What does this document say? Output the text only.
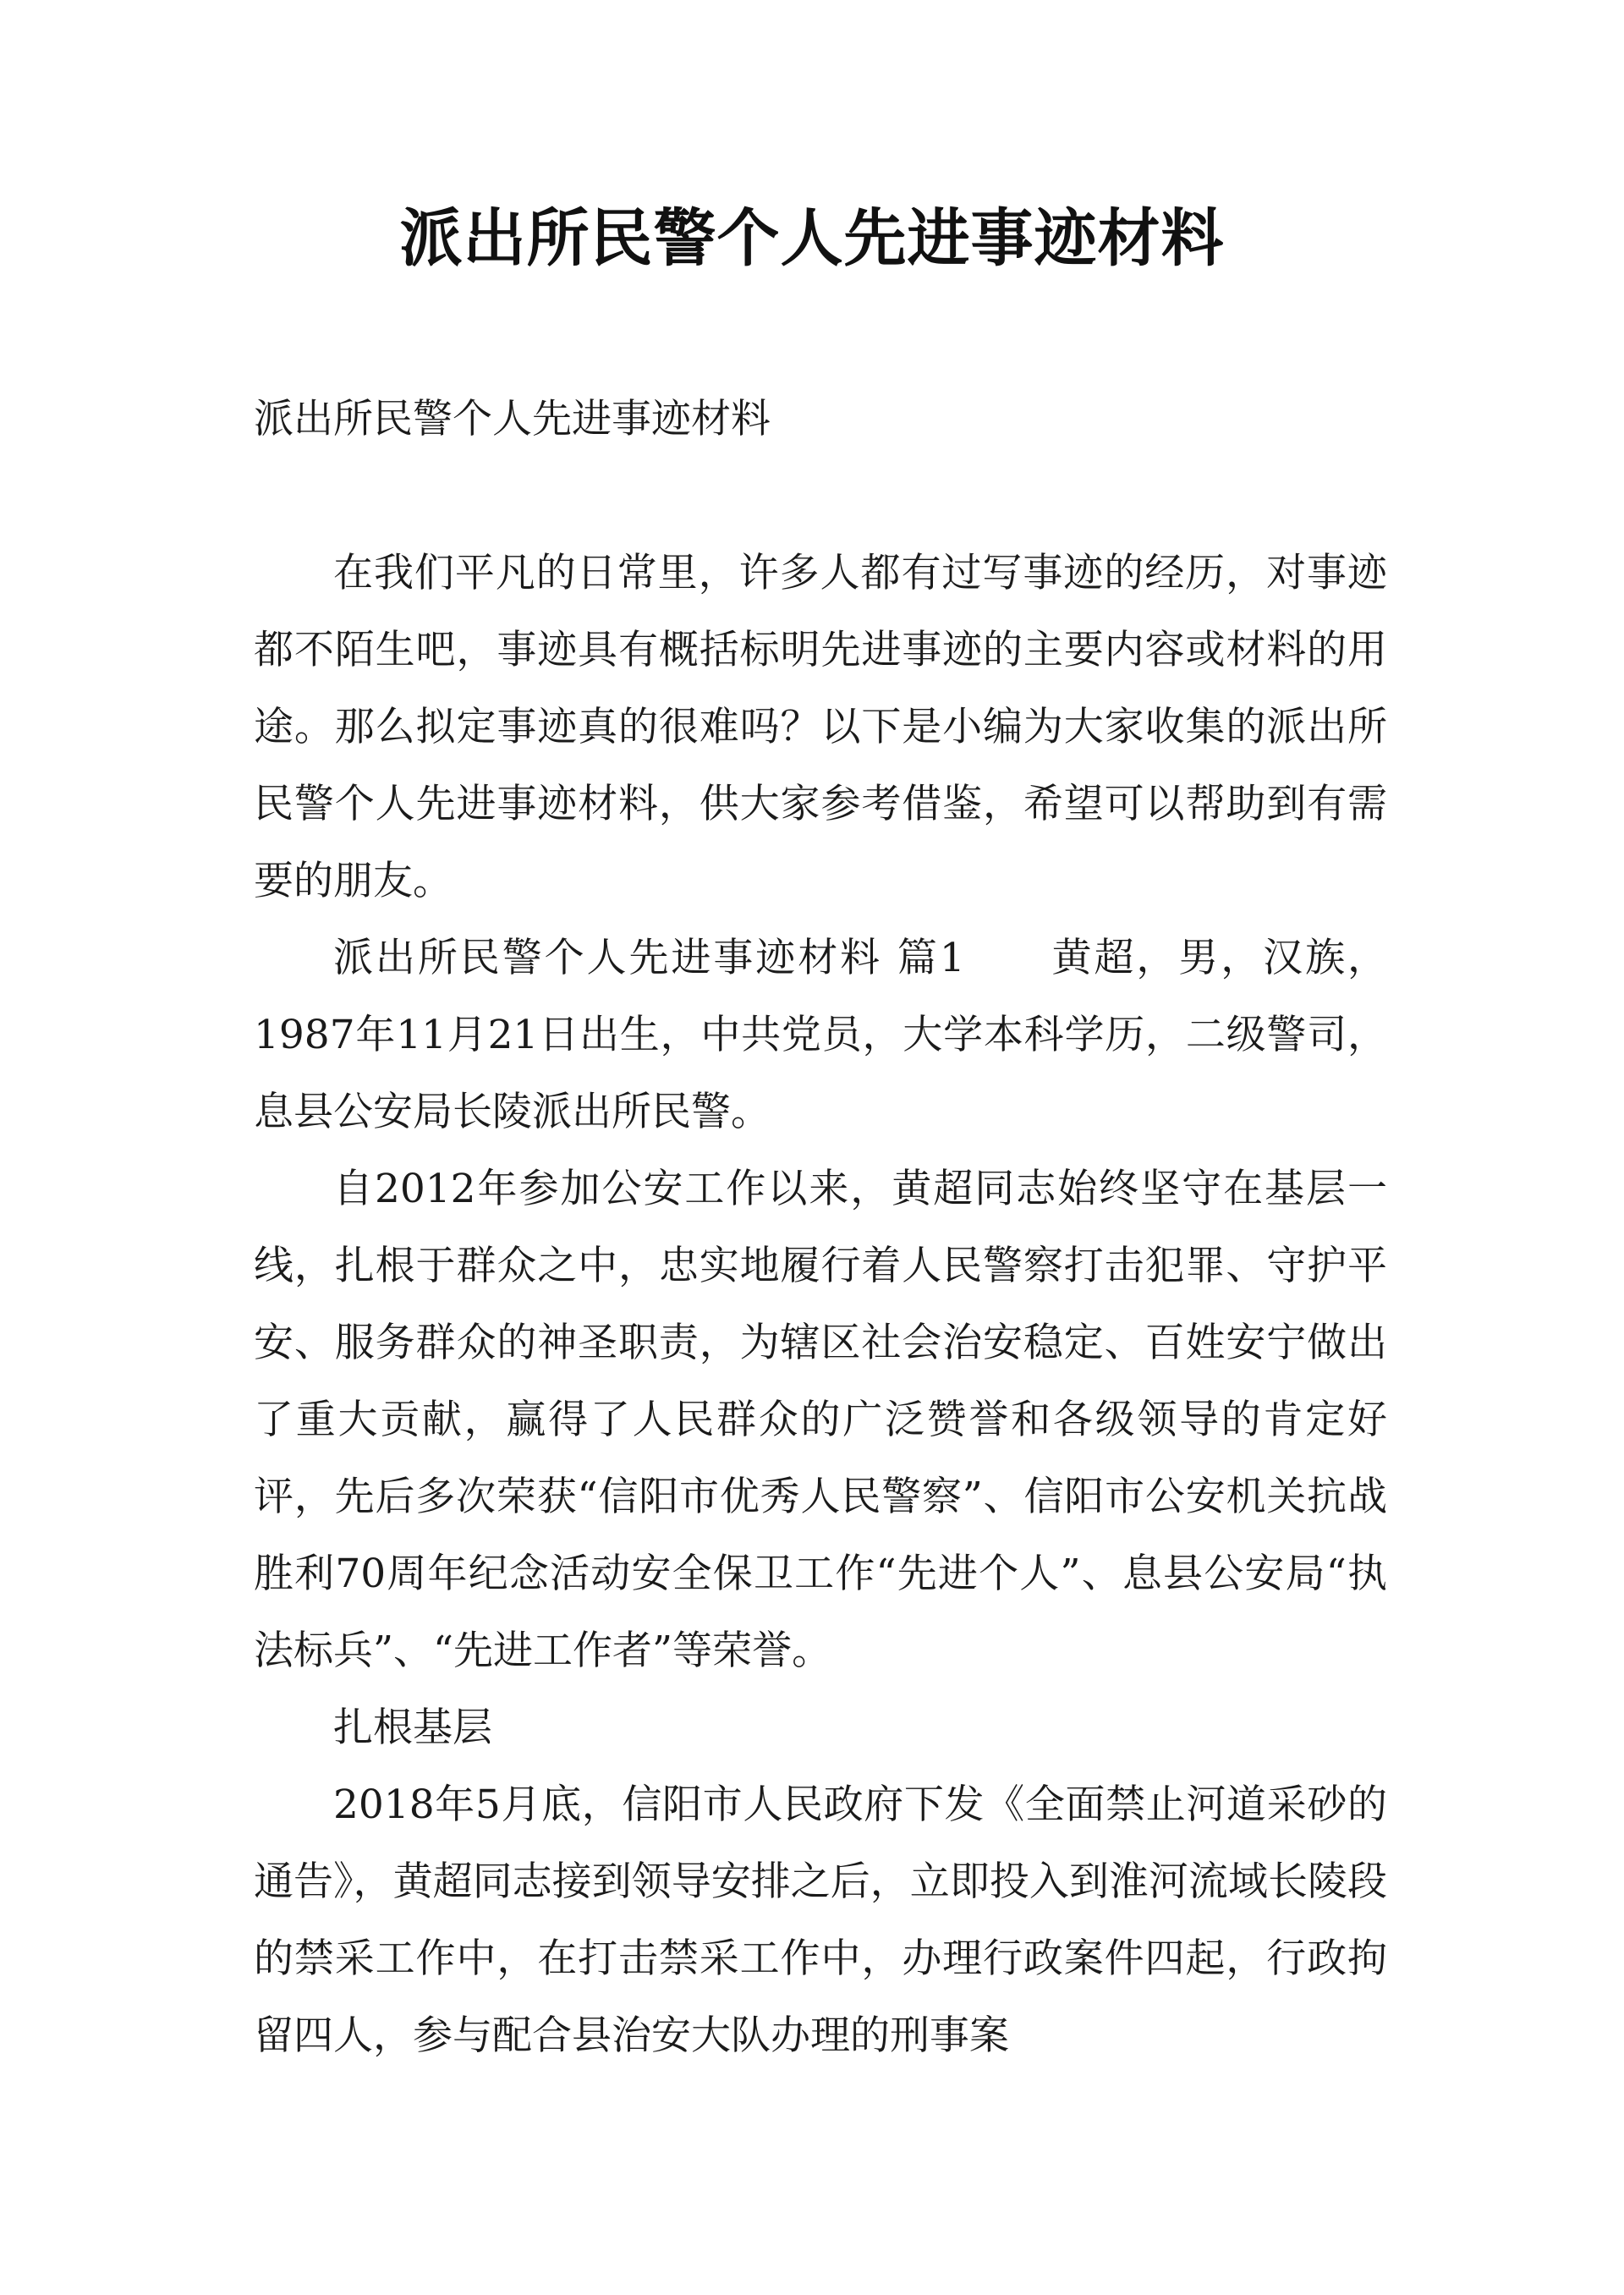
派出所民警个人先进事迹材料
派出所民警个人先进事迹材料

在我们平凡的日常里，许多人都有过写事迹的经历，对事迹都不陌生吧，事迹具有概括标明先进事迹的主要内容或材料的用途。那么拟定事迹真的很难吗？以下是小编为大家收集的派出所民警个人先进事迹材料，供大家参考借鉴，希望可以帮助到有需要的朋友。

派出所民警个人先进事迹材料 篇1　　黄超，男，汉族，1987年11月21日出生，中共党员，大学本科学历，二级警司，息县公安局长陵派出所民警。

自2012年参加公安工作以来，黄超同志始终坚守在基层一线，扎根于群众之中，忠实地履行着人民警察打击犯罪、守护平安、服务群众的神圣职责，为辖区社会治安稳定、百姓安宁做出了重大贡献，赢得了人民群众的广泛赞誉和各级领导的肯定好评，先后多次荣获“信阳市优秀人民警察”、信阳市公安机关抗战胜利70周年纪念活动安全保卫工作“先进个人”、息县公安局“执法标兵”、“先进工作者”等荣誉。

扎根基层

2018年5月底，信阳市人民政府下发《全面禁止河道采砂的通告》，黄超同志接到领导安排之后，立即投入到淮河流域长陵段的禁采工作中，在打击禁采工作中，办理行政案件四起，行政拘留四人，参与配合县治安大队办理的刑事案
